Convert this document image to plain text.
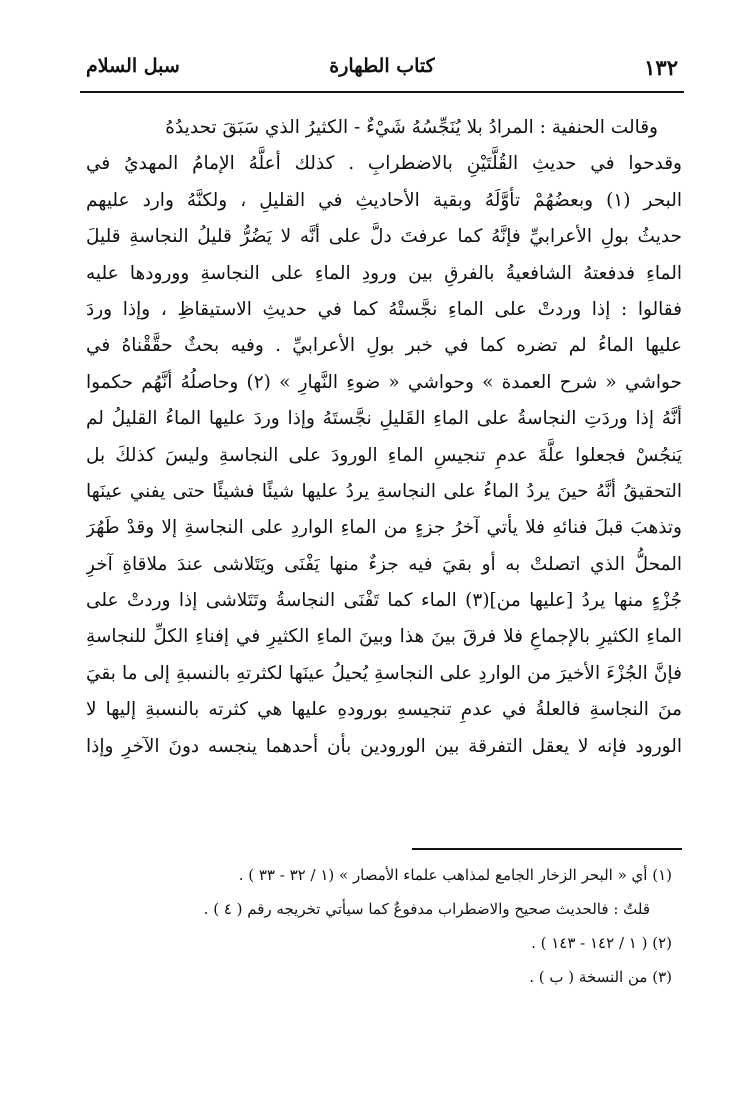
١٣٢
كتاب الطهارة
سبل السلام
وقالت الحنفية : المرادُ بلا يُنَجِّسُهُ شَيْءٌ - الكثيرُ الذي سَبَقَ تحديدُهُ
وقدحوا في حديثِ القُلَّتَيْنِ بالاضطرابِ . كذلك أعلَّهُ الإمامُ المهديُ في
البحر (١) وبعضُهُمْ تأوَّلَهُ وبقية الأحاديثِ في القليلِ ، ولكنَّهُ وارد عليهم
حديثُ بولِ الأعرابيِّ فإنَّهُ كما عرفتَ دلَّ على أنَّه لا يَضُرُّ قليلُ النجاسةِ قليلَ
الماءِ فدفعتهُ الشافعيةُ بالفرقِ بين ورودِ الماءِ على النجاسةِ وورودها عليه
فقالوا : إذا وردتْ على الماءِ نجَّستْهُ كما في حديثِ الاستيقاظِ ، وإذا وردَ
عليها الماءُ لم تضره كما في خبر بولِ الأعرابيِّ . وفيه بحثٌ حقَّقْناهُ في
حواشي « شرح العمدة » وحواشي « ضوءِ النَّهارِ » (٢) وحاصلُهُ أنَّهُم حكموا
أنَّهُ إذا وردَتِ النجاسةُ على الماءِ القَليلِ نجَّستَهُ وإذا وردَ عليها الماءُ القليلُ لم
يَنجُسْ فجعلوا علَّةَ عدمِ تنجيسِ الماءِ الورودَ على النجاسةِ وليسَ كذلكَ بل
التحقيقُ أنَّهُ حينَ يردُ الماءُ على النجاسةِ يردُ عليها شيئًا فشيئًا حتى يفني عينَها
وتذهبَ قبلَ فنائهِ فلا يأتي آخرُ جزءٍ من الماءِ الواردِ على النجاسةِ إلا وقدْ طَهُرَ
المحلُّ الذي اتصلتْ به أو بقيَ فيه جزءٌ منها يَفْنَى ويَتَلاشى عندَ ملاقاةِ آخرِ
جُزْءٍ منها يردُ [عليها من](٣) الماء كما تَفْنَى النجاسةُ وتَتَلاشى إذا وردتْ على
الماءِ الكثيرِ بالإجماعِ فلا فرقَ بينَ هذا وبينَ الماءِ الكثيرِ في إفناءِ الكلِّ للنجاسةِ
فإنَّ الجُزْءَ الأخيرَ من الواردِ على النجاسةِ يُحيلُ عينَها لكثرتهِ بالنسبةِ إلى ما بقيَ
منَ النجاسةِ فالعلةُ في عدمِ تنجيسهِ بورودهِ عليها هي كثرته بالنسبةِ إليها لا
الورود فإنه لا يعقل التفرقة بين الورودين بأن أحدهما ينجسه دونَ الآخرِ وإذا
(١) أي « البحر الزخار الجامع لمذاهب علماء الأمصار » (١ / ٣٢ - ٣٣ ) .
قلتُ : فالحديث صحيح والاضطراب مدفوعٌ كما سيأتي تخريجه رقم ( ٤ ) .
(٢) ( ١ / ١٤٢ - ١٤٣ ) .
(٣) من النسخة ( ب ) .
